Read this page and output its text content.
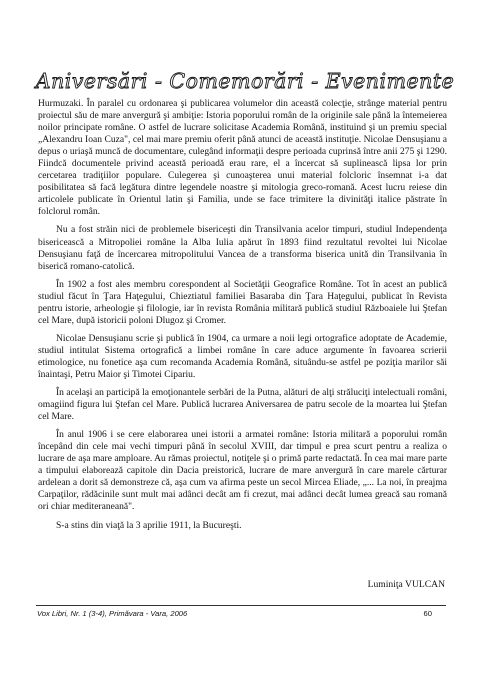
Aniversări - Comemorări - Evenimente

Hurmuzaki. În paralel cu ordonarea şi publicarea volumelor din această colecţie, strânge material pentru proiectul său de mare anvergură şi ambiţie: Istoria poporului român de la originile sale până la întemeierea noilor principate române. O astfel de lucrare solicitase Academia Română, instituind şi un premiu special „Alexandru Ioan Cuza", cel mai mare premiu oferit până atunci de această instituţie. Nicolae Densuşianu a depus o uriaşă muncă de documentare, culegând informaţii despre perioada cuprinsă între anii 275 şi 1290. Fiindcă documentele privind această perioadă erau rare, el a încercat să suplinească lipsa lor prin cercetarea tradiţiilor populare. Culegerea şi cunoaşterea unui material folcloric însemnat i-a dat posibilitatea să facă legătura dintre legendele noastre şi mitologia greco-romană. Acest lucru reiese din articolele publicate în Orientul latin şi Familia, unde se face trimitere la divinităţi italice păstrate în folclorul român.

Nu a fost străin nici de problemele bisericeşti din Transilvania acelor timpuri, studiul Independenţa bisericească a Mitropoliei române la Alba Iulia apărut în 1893 fiind rezultatul revoltei lui Nicolae Densuşianu faţă de încercarea mitropolitului Vancea de a transforma biserica unită din Transilvania în biserică romano-catolică.

În 1902 a fost ales membru corespondent al Societăţii Geografice Române. Tot în acest an publică studiul făcut în Ţara Haţegului, Chieztiatul familiei Basaraba din Ţara Haţegului, publicat în Revista pentru istorie, arheologie şi filologie, iar în revista România militară publică studiul Războaiele lui Ştefan cel Mare, după istoricii poloni Dlugoz şi Cromer.

Nicolae Densuşianu scrie şi publică în 1904, ca urmare a noii legi ortografice adoptate de Academie, studiul intitulat Sistema ortografică a limbei române în care aduce argumente în favoarea scrierii etimologice, nu fonetice aşa cum recomanda Academia Română, situându-se astfel pe poziţia marilor săi înaintaşi, Petru Maior şi Timotei Cipariu.

În acelaşi an participă la emoţionantele serbări de la Putna, alături de alţi străluciţi intelectuali români, omagiind figura lui Ştefan cel Mare. Publică lucrarea Aniversarea de patru secole de la moartea lui Ştefan cel Mare.

În anul 1906 i se cere elaborarea unei istorii a armatei române: Istoria militară a poporului român începând din cele mai vechi timpuri până în secolul XVIII, dar timpul e prea scurt pentru a realiza o lucrare de aşa mare amploare. Au rămas proiectul, notiţele şi o primă parte redactată. În cea mai mare parte a timpului elaborează capitole din Dacia preistorică, lucrare de mare anvergură în care marele cărturar ardelean a dorit să demonstreze că, aşa cum va afirma peste un secol Mircea Eliade, „... La noi, în preajma Carpaţilor, rădăcinile sunt mult mai adânci decât am fi crezut, mai adânci decât lumea greacă sau romană ori chiar mediteraneană".

S-a stins din viaţă la 3 aprilie 1911, la Bucureşti.

Luminiţa VULCAN
Vox Libri, Nr. 1 (3-4), Primăvara - Vara, 2006	60
